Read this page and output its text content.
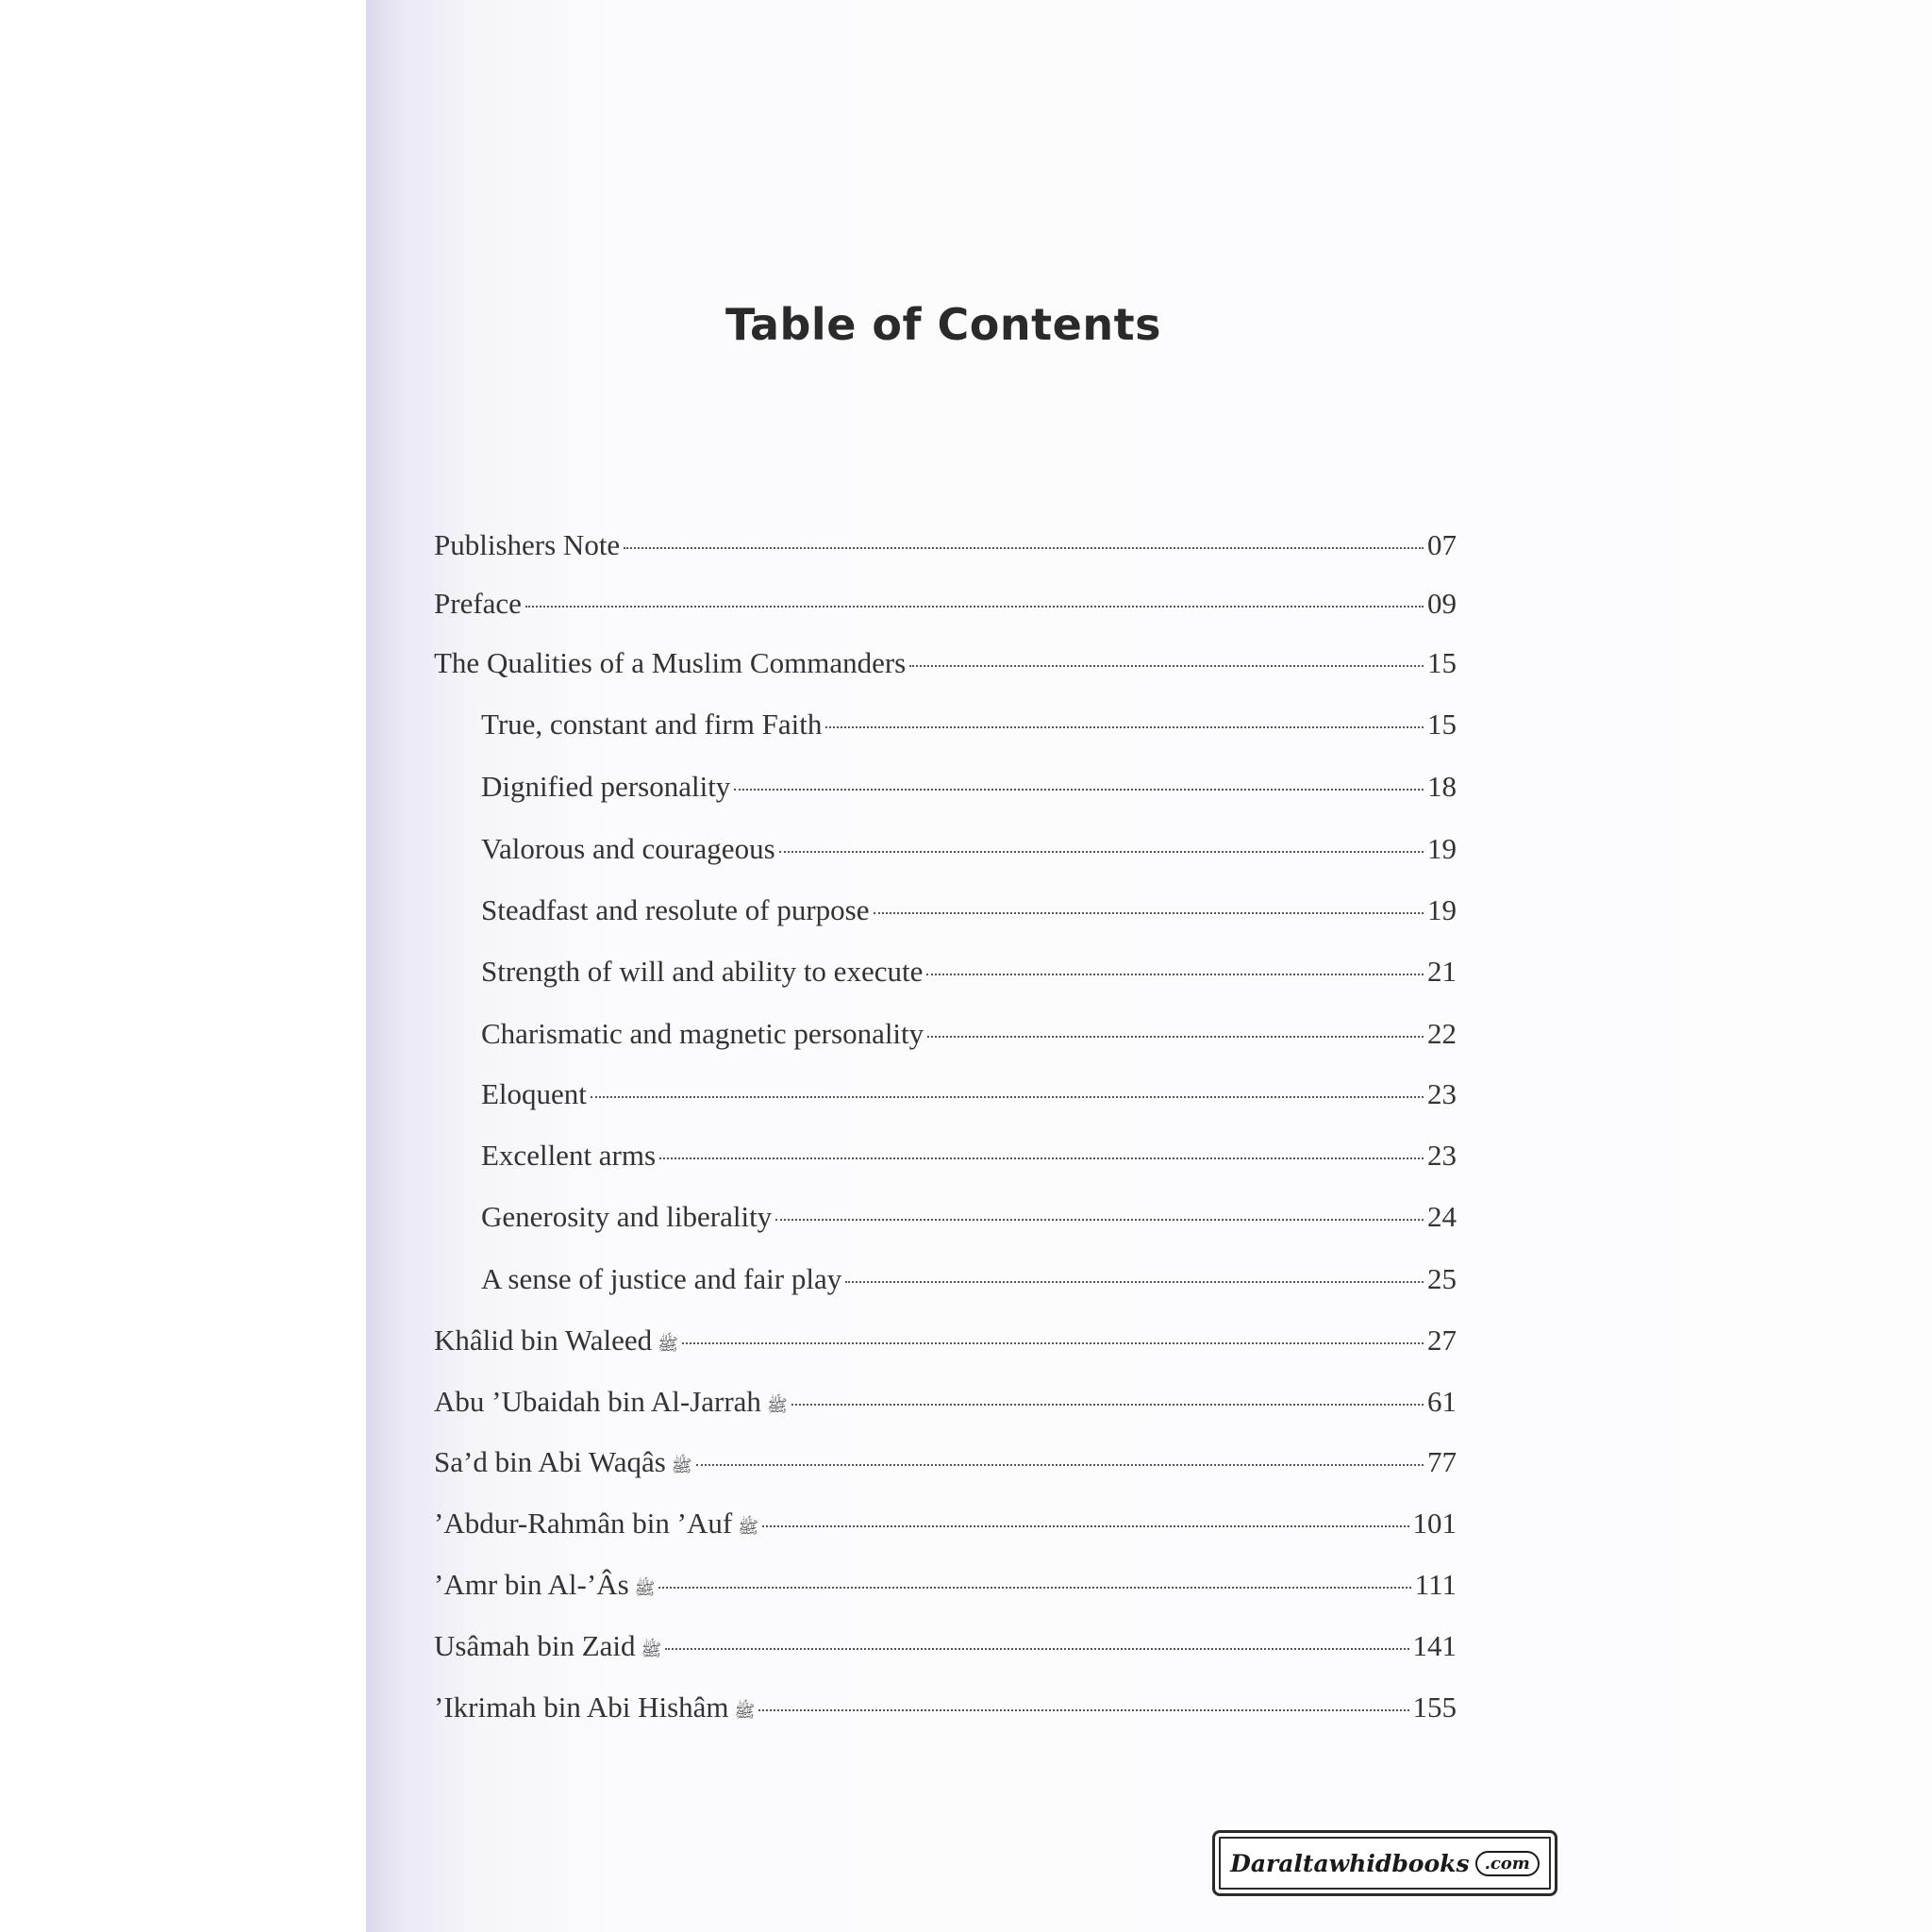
Table of Contents
Publishers Note	07
Preface	09
The Qualities of a Muslim Commanders	15
True, constant and firm Faith	15
Dignified personality	18
Valorous and courageous	19
Steadfast and resolute of purpose	19
Strength of will and ability to execute	21
Charismatic and magnetic personality	22
Eloquent	23
Excellent arms	23
Generosity and liberality	24
A sense of justice and fair play	25
Khâlid bin Waleed ﷺ	27
Abu ’Ubaidah bin Al-Jarrah ﷺ	61
Sa’d bin Abi Waqâs ﷺ	77
’Abdur-Rahmân bin ’Auf ﷺ	101
’Amr bin Al-’Âs ﷺ	111
Usâmah bin Zaid ﷺ	141
’Ikrimah bin Abi Hishâm ﷺ	155
Daraltawhidbooks .com
